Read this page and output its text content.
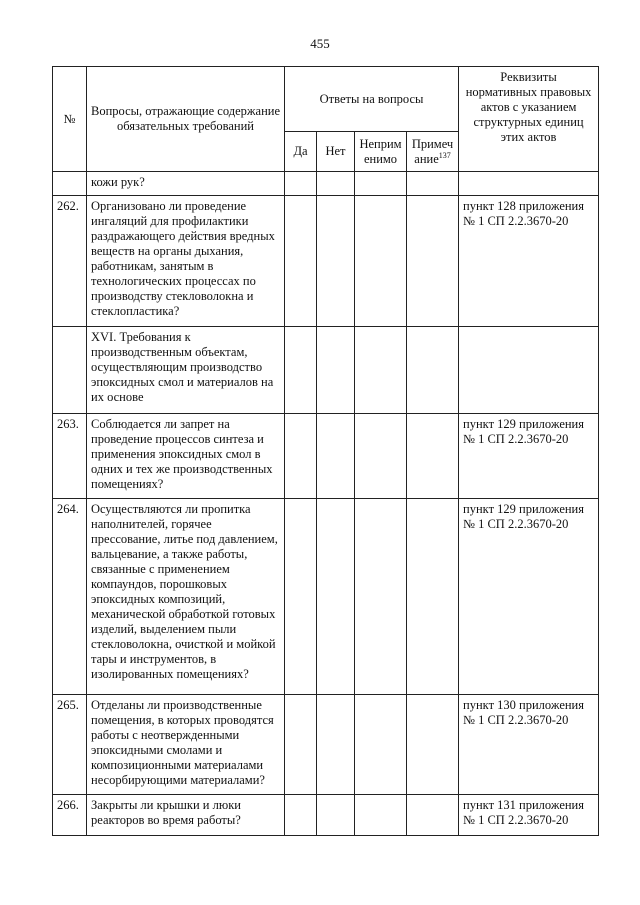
455
№	Вопросы, отражающие содержание обязательных требований	Ответы на вопросы				Реквизиты нормативных правовых актов с указанием структурных единиц этих актов
		Да	Нет	Неприм енимо	Примеч ание$^{137}$
	кожи рук?					
262.	Организовано ли проведение ингаляций для профилактики раздражающего действия вредных веществ на органы дыхания, работникам, занятым в технологических процессах по производству стекловолокна и стеклопластика?					пункт 128 приложения № 1 СП 2.2.3670-20
	XVI. Требования к производственным объектам, осуществляющим производство эпоксидных смол и материалов на их основе					
263.	Соблюдается ли запрет на проведение процессов синтеза и применения эпоксидных смол в одних и тех же производственных помещениях?					пункт 129 приложения № 1 СП 2.2.3670-20
264.	Осуществляются ли пропитка наполнителей, горячее прессование, литье под давлением, вальцевание, а также работы, связанные с применением компаундов, порошковых эпоксидных композиций, механической обработкой готовых изделий, выделением пыли стекловолокна, очисткой и мойкой тары и инструментов, в изолированных помещениях?					пункт 129 приложения № 1 СП 2.2.3670-20
265.	Отделаны ли производственные помещения, в которых проводятся работы с неотвержденными эпоксидными смолами и композиционными материалами несорбирующими материалами?					пункт 130 приложения № 1 СП 2.2.3670-20
266.	Закрыты ли крышки и люки реакторов во время работы?					пункт 131 приложения № 1 СП 2.2.3670-20
